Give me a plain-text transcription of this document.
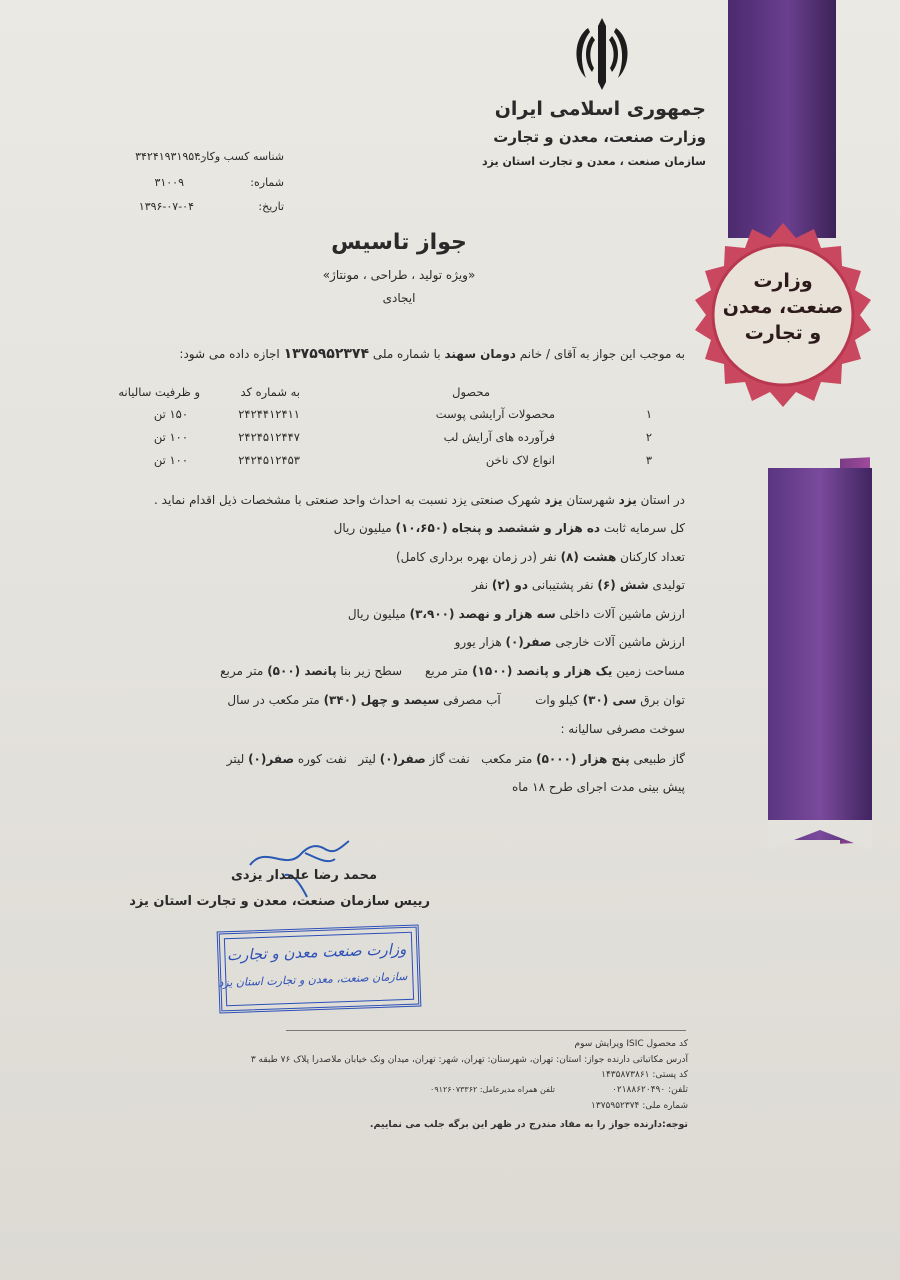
وزارت
صنعت، معدن
و تجارت
جمهوری اسلامی ایران
وزارت صنعت، معدن و تجارت
سازمان صنعت ، معدن و تجارت استان یزد
شناسه کسب وکار:
۳۴۲۴۱۹۳۱۹۵۴۰
شماره:
۳۱۰۰۹
تاریخ:
۱۳۹۶-۰۷-۰۴
جواز تاسیس
«ویژه تولید ، طراحی ، مونتاژ»
ایجادی
به موجب این جواز به آقای / خانم دومان سهند با شماره ملی ۱۳۷۵۹۵۲۳۷۴ اجازه داده می شود:
محصول
به شماره کد
و ظرفیت سالیانه
۱
محصولات آرایشی پوست
۲۴۲۴۴۱۲۴۱۱
۱۵۰ تن
۲
فرآورده های آرایش لب
۲۴۲۴۵۱۲۴۴۷
۱۰۰ تن
۳
انواع لاک ناخن
۲۴۲۴۵۱۲۴۵۳
۱۰۰ تن
در استان یزد شهرستان یزد شهرک صنعتی یزد نسبت به احداث واحد صنعتی با مشخصات ذیل اقدام نماید .
کل سرمایه ثابت ده هزار و ششصد و پنجاه (۱۰،۶۵۰) میلیون ریال
تعداد کارکنان هشت (۸) نفر (در زمان بهره برداری کامل)
تولیدی شش (۶) نفر پشتیبانی دو (۲) نفر
ارزش ماشین آلات داخلی سه هزار و نهصد (۳،۹۰۰) میلیون ریال
ارزش ماشین آلات خارجی صفر(۰) هزار یورو
مساحت زمین یک هزار و پانصد (۱۵۰۰) متر مربع      سطح زیر بنا پانصد (۵۰۰) متر مربع
توان برق سی (۳۰) کیلو وات         آب مصرفی سیصد و چهل (۳۴۰) متر مکعب در سال
سوخت مصرفی سالیانه :
گاز طبیعی پنج هزار (۵۰۰۰) متر مکعب   نفت گاز صفر(۰) لیتر   نفت کوره صفر(۰) لیتر
پیش بینی مدت اجرای طرح ۱۸ ماه
محمد رضا علمدار یزدی
رییس سازمان صنعت، معدن و تجارت استان یزد
وزارت صنعت معدن و تجارت
سازمان صنعت، معدن و تجارت استان یزد
کد محصول ISIC ویرایش سوم
آدرس مکاتباتی دارنده جواز: استان: تهران، شهرستان: تهران، شهر: تهران، میدان ونک خیابان ملاصدرا پلاک ۷۶ طبقه ۳
کد پستی: ۱۴۳۵۸۷۳۸۶۱
تلفن: ۰۲۱۸۸۶۲۰۴۹۰
تلفن همراه مدیرعامل: ۰۹۱۲۶۰۷۳۳۶۲
شماره ملی: ۱۳۷۵۹۵۲۳۷۴
توجه:دارنده جواز را به مفاد مندرج در ظهر این برگه جلب می نماییم.
